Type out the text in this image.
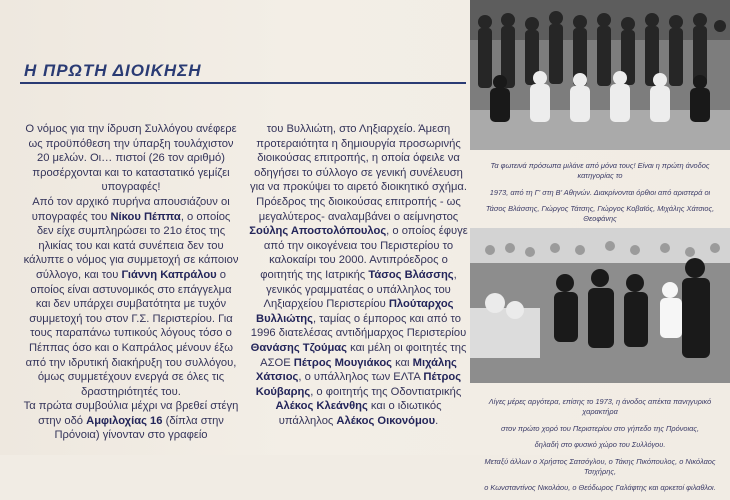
Τα φωτεινά πρόσωπα μιλάνε από μόνα τους! Είναι η πρώτη άνοδος κατηγορίας το

1973, από τη Γ' στη Β' Αθηνών. Διακρίνονται όρθιοι από αριστερά οι

Τάσος Βλάσσης, Γιώργος Τάτσης, Γιώργος Κοβαϊός, Μιχάλης Χάτσιος, Θεοφάνης

Λίγες μέρες αργότερα, επίσης το 1973, η άνοδος απέκτα πανηγυρικό χαρακτήρα

στον πρώτο χορό του Περιστερίου στο γήπεδο της Πρόνοιας,

δηλαδή στο φυσικό χώρο του Συλλόγου.

Μεταξύ άλλων ο Χρήστος Σατσόγλου, ο Τάκης Πικόπουλος, ο Νικόλαος Τσιχήρης,

ο Κωνσταντίνος Νικολάου, ο Θεόδωρος Γαλάφτης και αρκετοί φιλαθλοι.

Η ΠΡΩΤΗ ΔΙΟΙΚΗΣΗ

Ο νόμος για την ίδρυση Συλλόγου ανέφερε ως προϋπόθεση την ύπαρξη τουλάχιστον 20 μελών. Οι… πιστοί (26 τον αριθμό) προσέρχονται και το καταστατικό γεμίζει υπογραφές!

Από τον αρχικό πυρήνα απουσιάζουν οι υπογραφές του Νίκου Πέππα, ο οποίος δεν είχε συμπληρώσει το 21ο έτος της ηλικίας του και κατά συνέπεια δεν του κάλυπτε ο νόμος για συμμετοχή σε κάποιον σύλλογο, και του Γιάννη Καπράλου ο οποίος είναι αστυνομικός στο επάγγελμα και δεν υπάρχει συμβατότητα με τυχόν συμμετοχή του στον Γ.Σ. Περιστερίου. Για τους παραπάνω τυπικούς λόγους τόσο ο Πέππας όσο και ο Καπράλος μένουν έξω από την ιδρυτική διακήρυξη του συλλόγου, όμως συμμετέχουν ενεργά σε όλες τις δραστηριότητές του.

Τα πρώτα συμβούλια μέχρι να βρεθεί στέγη στην οδό Αμφιλοχίας 16 (δίπλα στην Πρόνοια) γίνονταν στο γραφείο

του Βυλλιώτη, στο Ληξιαρχείο. Άμεση προτεραιότητα η δημιουργία προσωρινής διοικούσας επιτροπής, η οποία όφειλε να οδηγήσει το σύλλογο σε γενική συνέλευση για να προκύψει το αιρετό διοικητικό σχήμα.

Πρόεδρος της διοικούσας επιτροπής - ως μεγαλύτερος- αναλαμβάνει ο αείμνηστος Σούλης Αποστολόπουλος, ο οποίος έφυγε από την οικογένεια του Περιστερίου το καλοκαίρι του 2000. Αντιπρόεδρος ο φοιτητής της Ιατρικής Τάσος Βλάσσης, γενικός γραμματέας ο υπάλληλος του Ληξιαρχείου Περιστερίου Πλούταρχος Βυλλιώτης, ταμίας ο έμπορος και από το 1996 διατελέσας αντιδήμαρχος Περιστερίου Θανάσης Τζούμας και μέλη οι φοιτητές της ΑΣΟΕ Πέτρος Μουγιάκος και Μιχάλης Χάτσιος, ο υπάλληλος των ΕΛΤΑ Πέτρος Κούβαρης, ο φοιτητής της Οδοντιατρικής Αλέκος Κλεάνθης και ο ιδιωτικός υπάλληλος Αλέκος Οικονόμου.
